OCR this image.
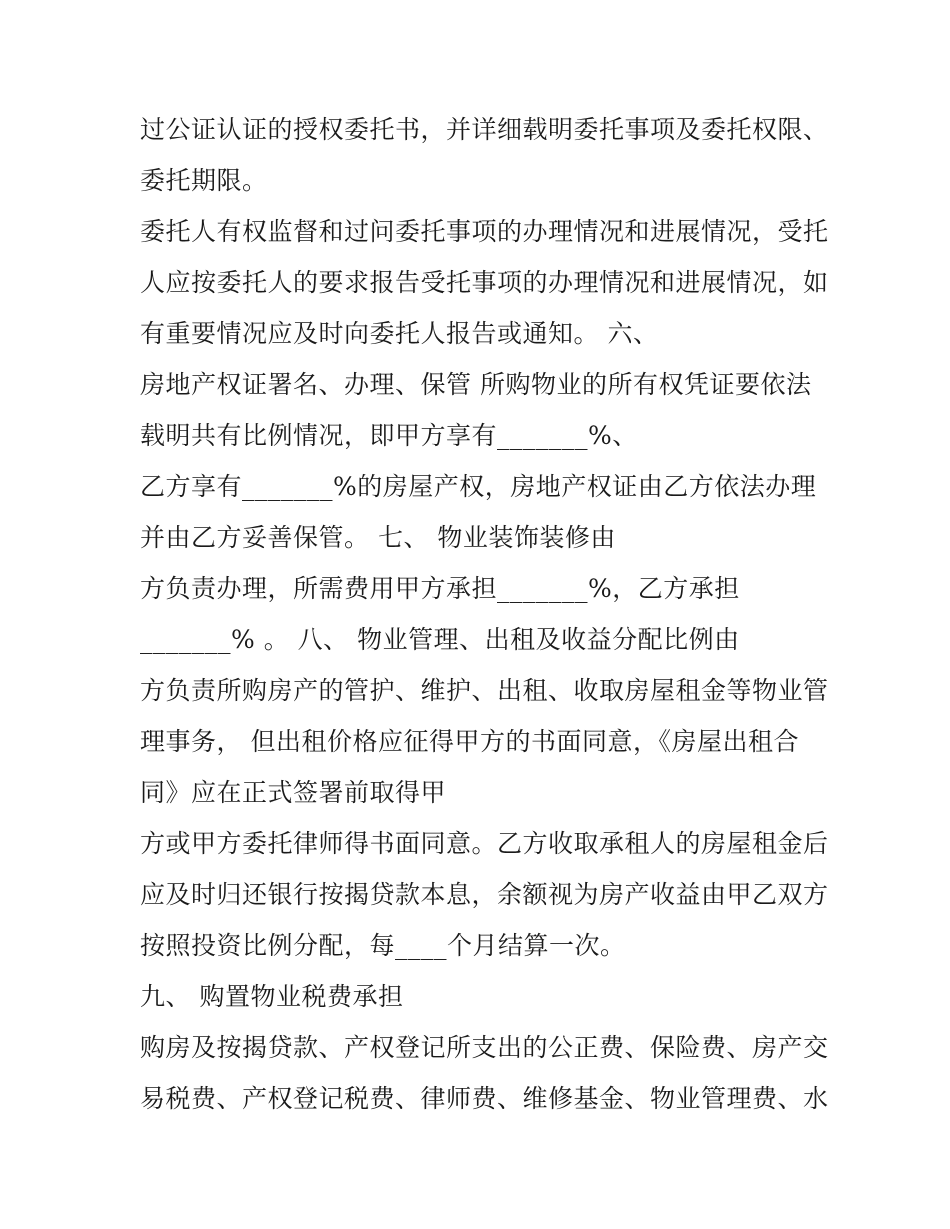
过公证认证的授权委托书，并详细载明委托事项及委托权限、
委托期限。
委托人有权监督和过问委托事项的办理情况和进展情况，受托
人应按委托人的要求报告受托事项的办理情况和进展情况，如
有重要情况应及时向委托人报告或通知。 六、
房地产权证署名、办理、保管 所购物业的所有权凭证要依法
载明共有比例情况，即甲方享有_______%、
乙方享有_______%的房屋产权，房地产权证由乙方依法办理
并由乙方妥善保管。 七、 物业装饰装修由
方负责办理，所需费用甲方承担_______%，乙方承担
_______% 。 八、 物业管理、出租及收益分配比例由
方负责所购房产的管护、维护、出租、收取房屋租金等物业管
理事务， 但出租价格应征得甲方的书面同意，《房屋出租合
同》应在正式签署前取得甲
方或甲方委托律师得书面同意。乙方收取承租人的房屋租金后
应及时归还银行按揭贷款本息，余额视为房产收益由甲乙双方
按照投资比例分配，每____个月结算一次。
九、 购置物业税费承担
购房及按揭贷款、产权登记所支出的公正费、保险费、房产交
易税费、产权登记税费、律师费、维修基金、物业管理费、水
